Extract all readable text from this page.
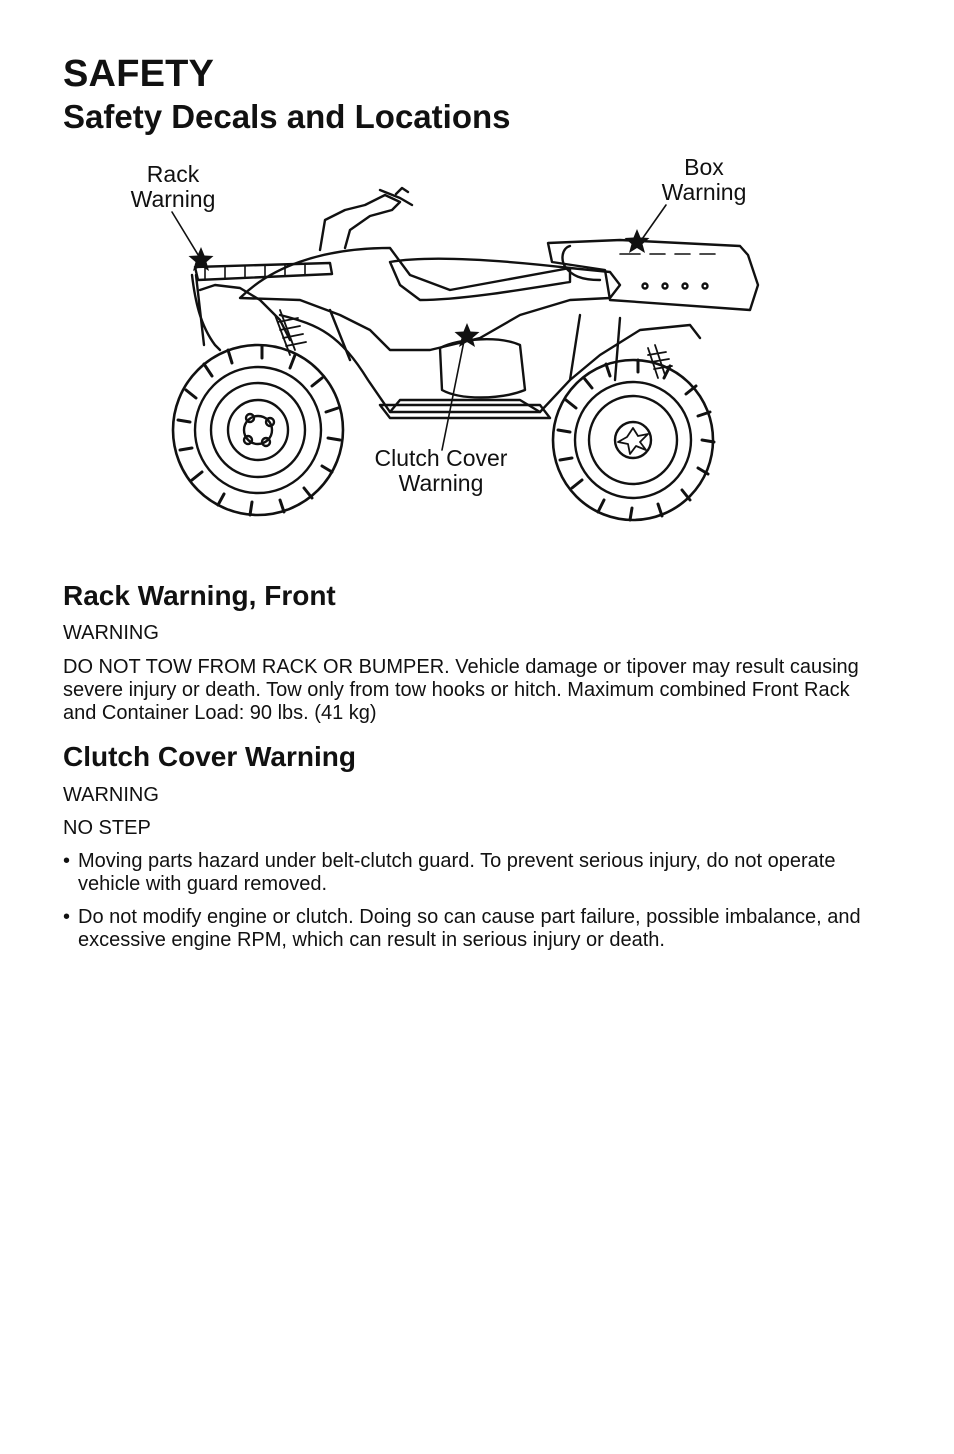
SAFETY
Safety Decals and Locations
Rack
Warning
Box
Warning
Clutch Cover
Warning
Rack Warning, Front

WARNING

DO NOT TOW FROM RACK OR BUMPER. Vehicle damage or tipover may result causing severe injury or death. Tow only from tow hooks or hitch. Maximum combined Front Rack and Container Load: 90 lbs. (41 kg)

Clutch Cover Warning

WARNING

NO STEP

• Moving parts hazard under belt-clutch guard. To prevent serious injury, do not operate vehicle with guard removed.
• Do not modify engine or clutch. Doing so can cause part failure, possible imbalance, and excessive engine RPM, which can result in serious injury or death.
